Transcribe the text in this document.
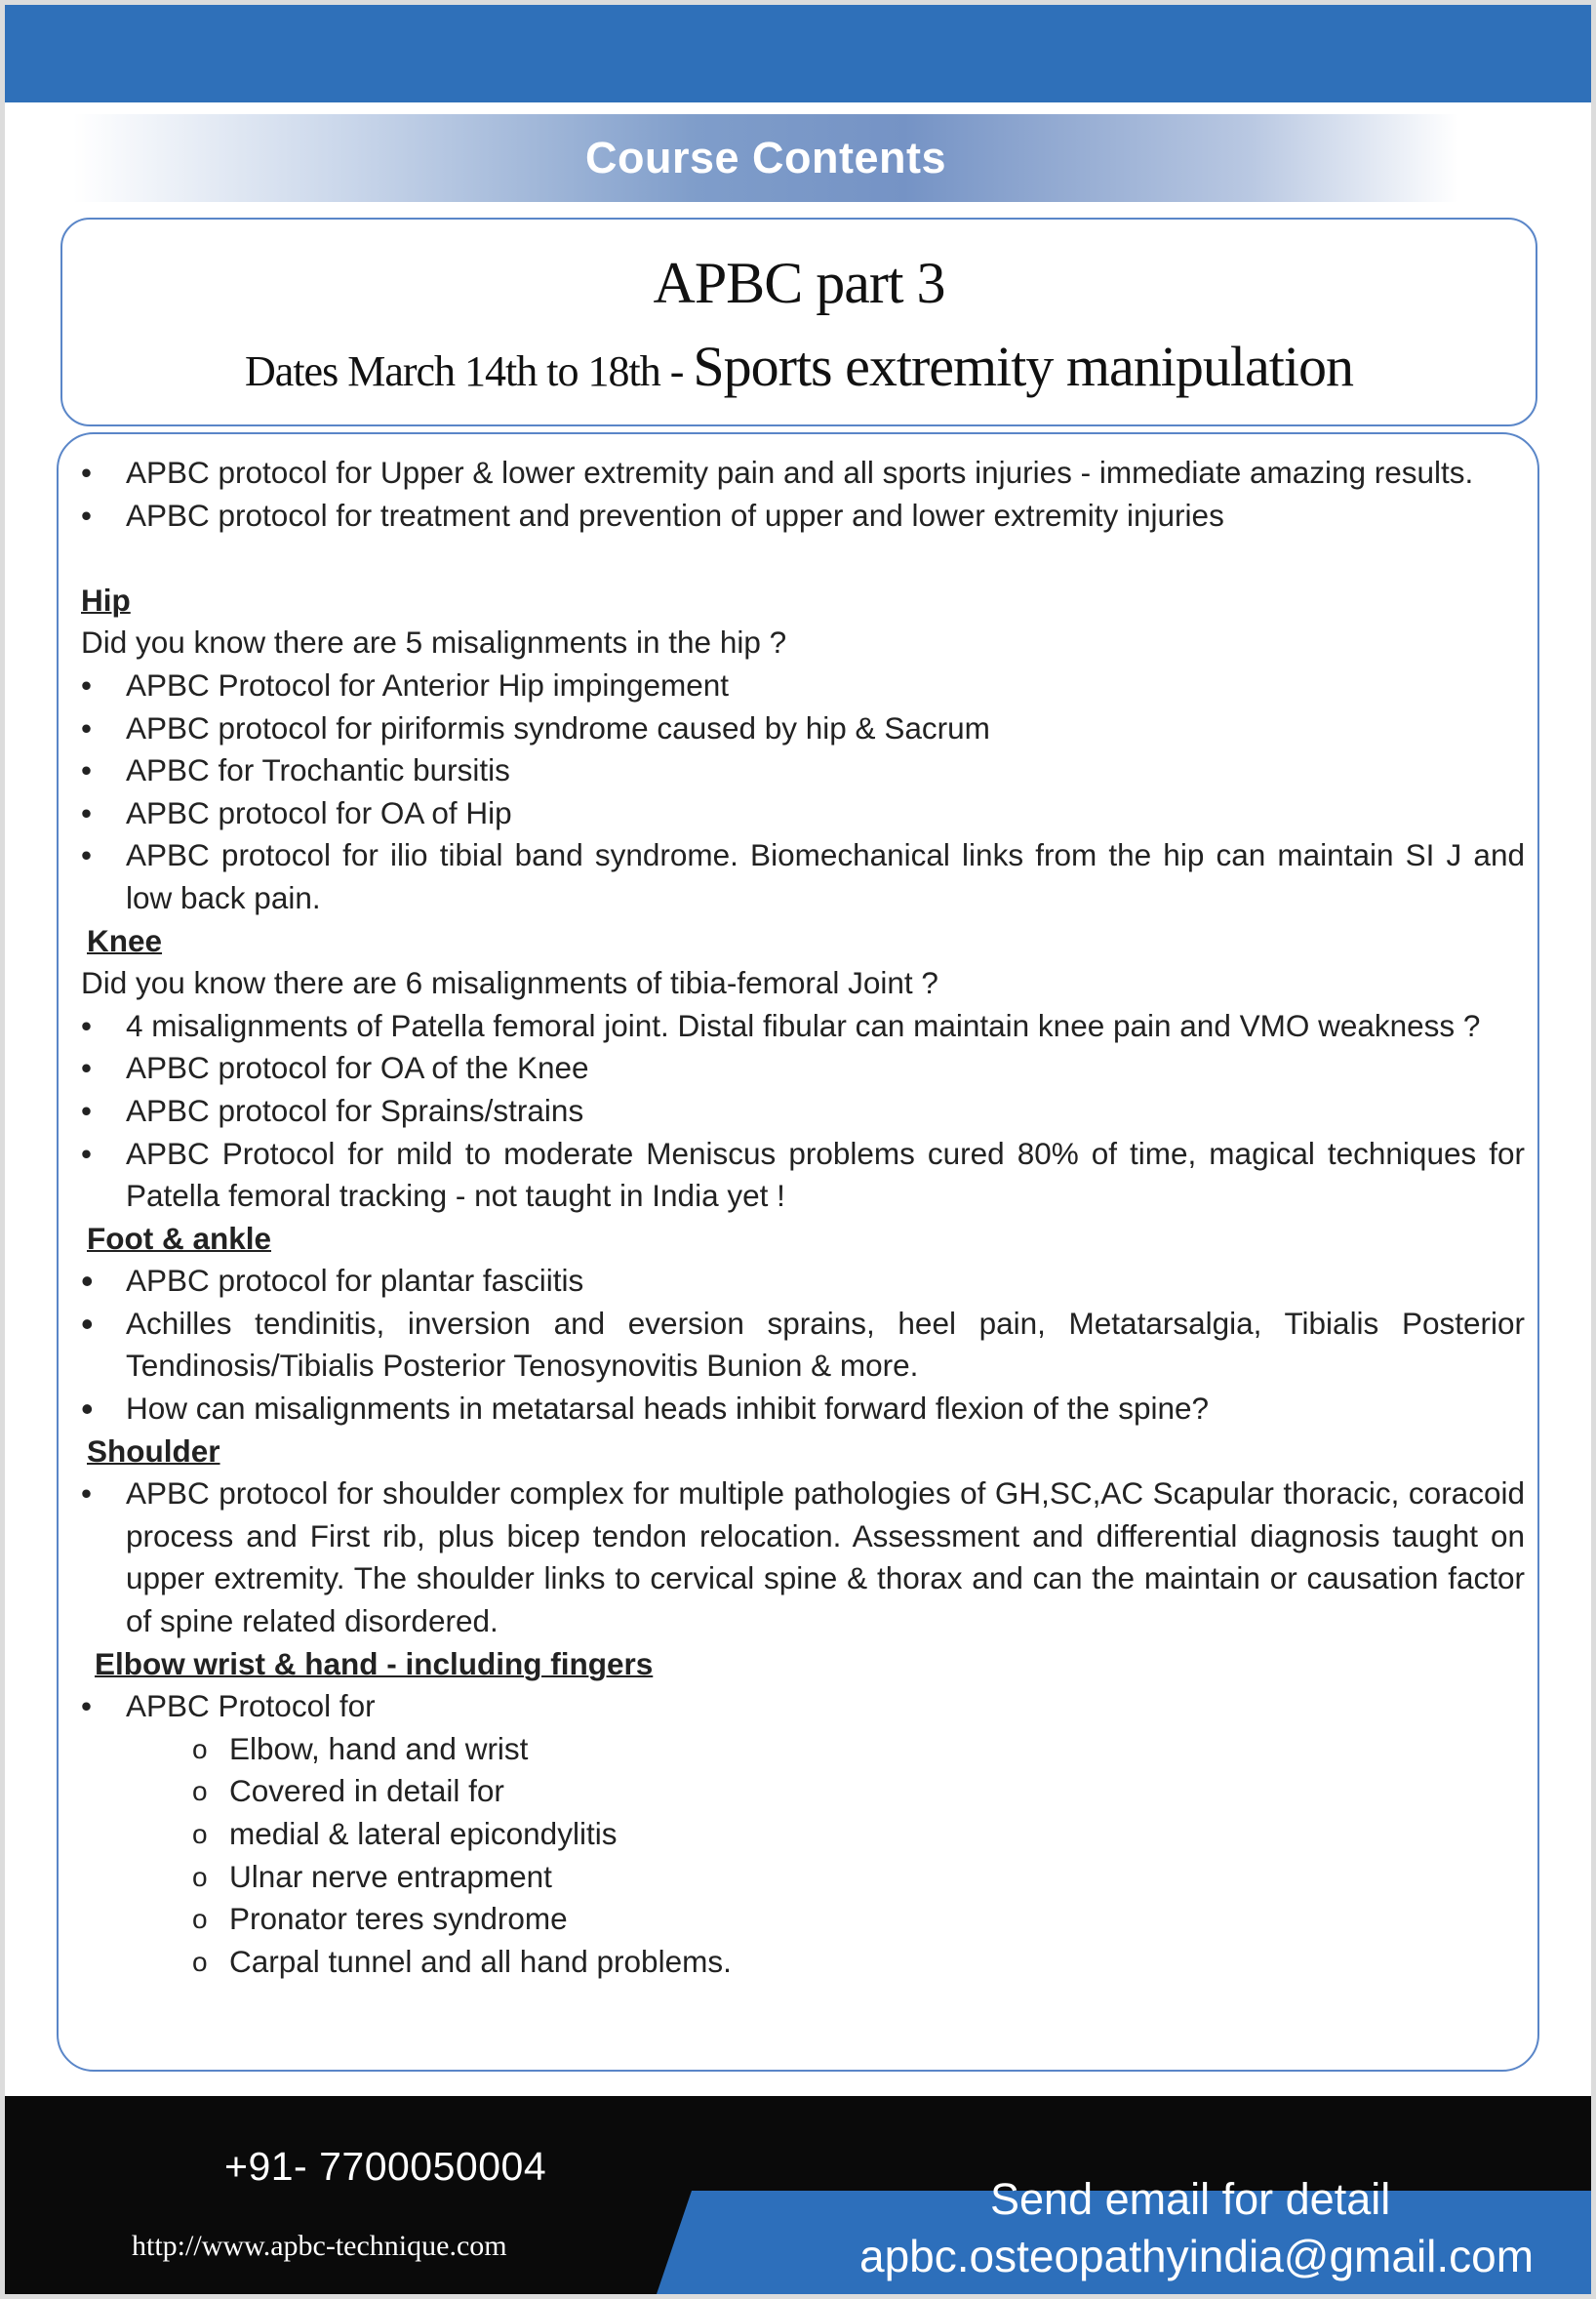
Course Contents
APBC part 3
Dates March 14th to 18th - Sports extremity manipulation
• APBC protocol for Upper & lower extremity pain and all sports injuries - immediate amazing results.
• APBC protocol for treatment and prevention of upper and lower extremity injuries
Hip

Did you know there are 5 misalignments in the hip ?

• APBC Protocol for Anterior Hip impingement
• APBC protocol for piriformis syndrome caused by hip & Sacrum
• APBC for Trochantic bursitis
• APBC protocol for OA of Hip
• APBC protocol for ilio tibial band syndrome. Biomechanical links from the hip can maintain SI J and low back pain.
Knee

Did you know there are 6 misalignments of tibia-femoral Joint ?

• 4 misalignments of Patella femoral joint. Distal fibular can maintain knee pain and VMO weakness ?
• APBC protocol for OA of the Knee
• APBC protocol for Sprains/strains
• APBC Protocol for mild to moderate Meniscus problems cured 80% of time, magical techniques for Patella femoral tracking - not taught in India yet !
Foot & ankle
• APBC protocol for plantar fasciitis
• Achilles tendinitis, inversion and eversion sprains, heel pain, Metatarsalgia, Tibialis Posterior Tendinosis/Tibialis Posterior Tenosynovitis Bunion & more.
• How can misalignments in metatarsal heads inhibit forward flexion of the spine?
Shoulder
• APBC protocol for shoulder complex for multiple pathologies of GH,SC,AC Scapular thoracic, coracoid process and First rib, plus bicep tendon relocation. Assessment and differential diagnosis taught on upper extremity. The shoulder links to cervical spine & thorax and can the maintain or causation factor of spine related disordered.
Elbow wrist & hand - including fingers
• APBC Protocol for
o Elbow, hand and wrist
o Covered in detail for
o medial & lateral epicondylitis
o Ulnar nerve entrapment
o Pronator teres syndrome
o Carpal tunnel and all hand problems.
+91- 7700050004
http://www.apbc-technique.com
Send email for detail
apbc.osteopathyindia@gmail.com
